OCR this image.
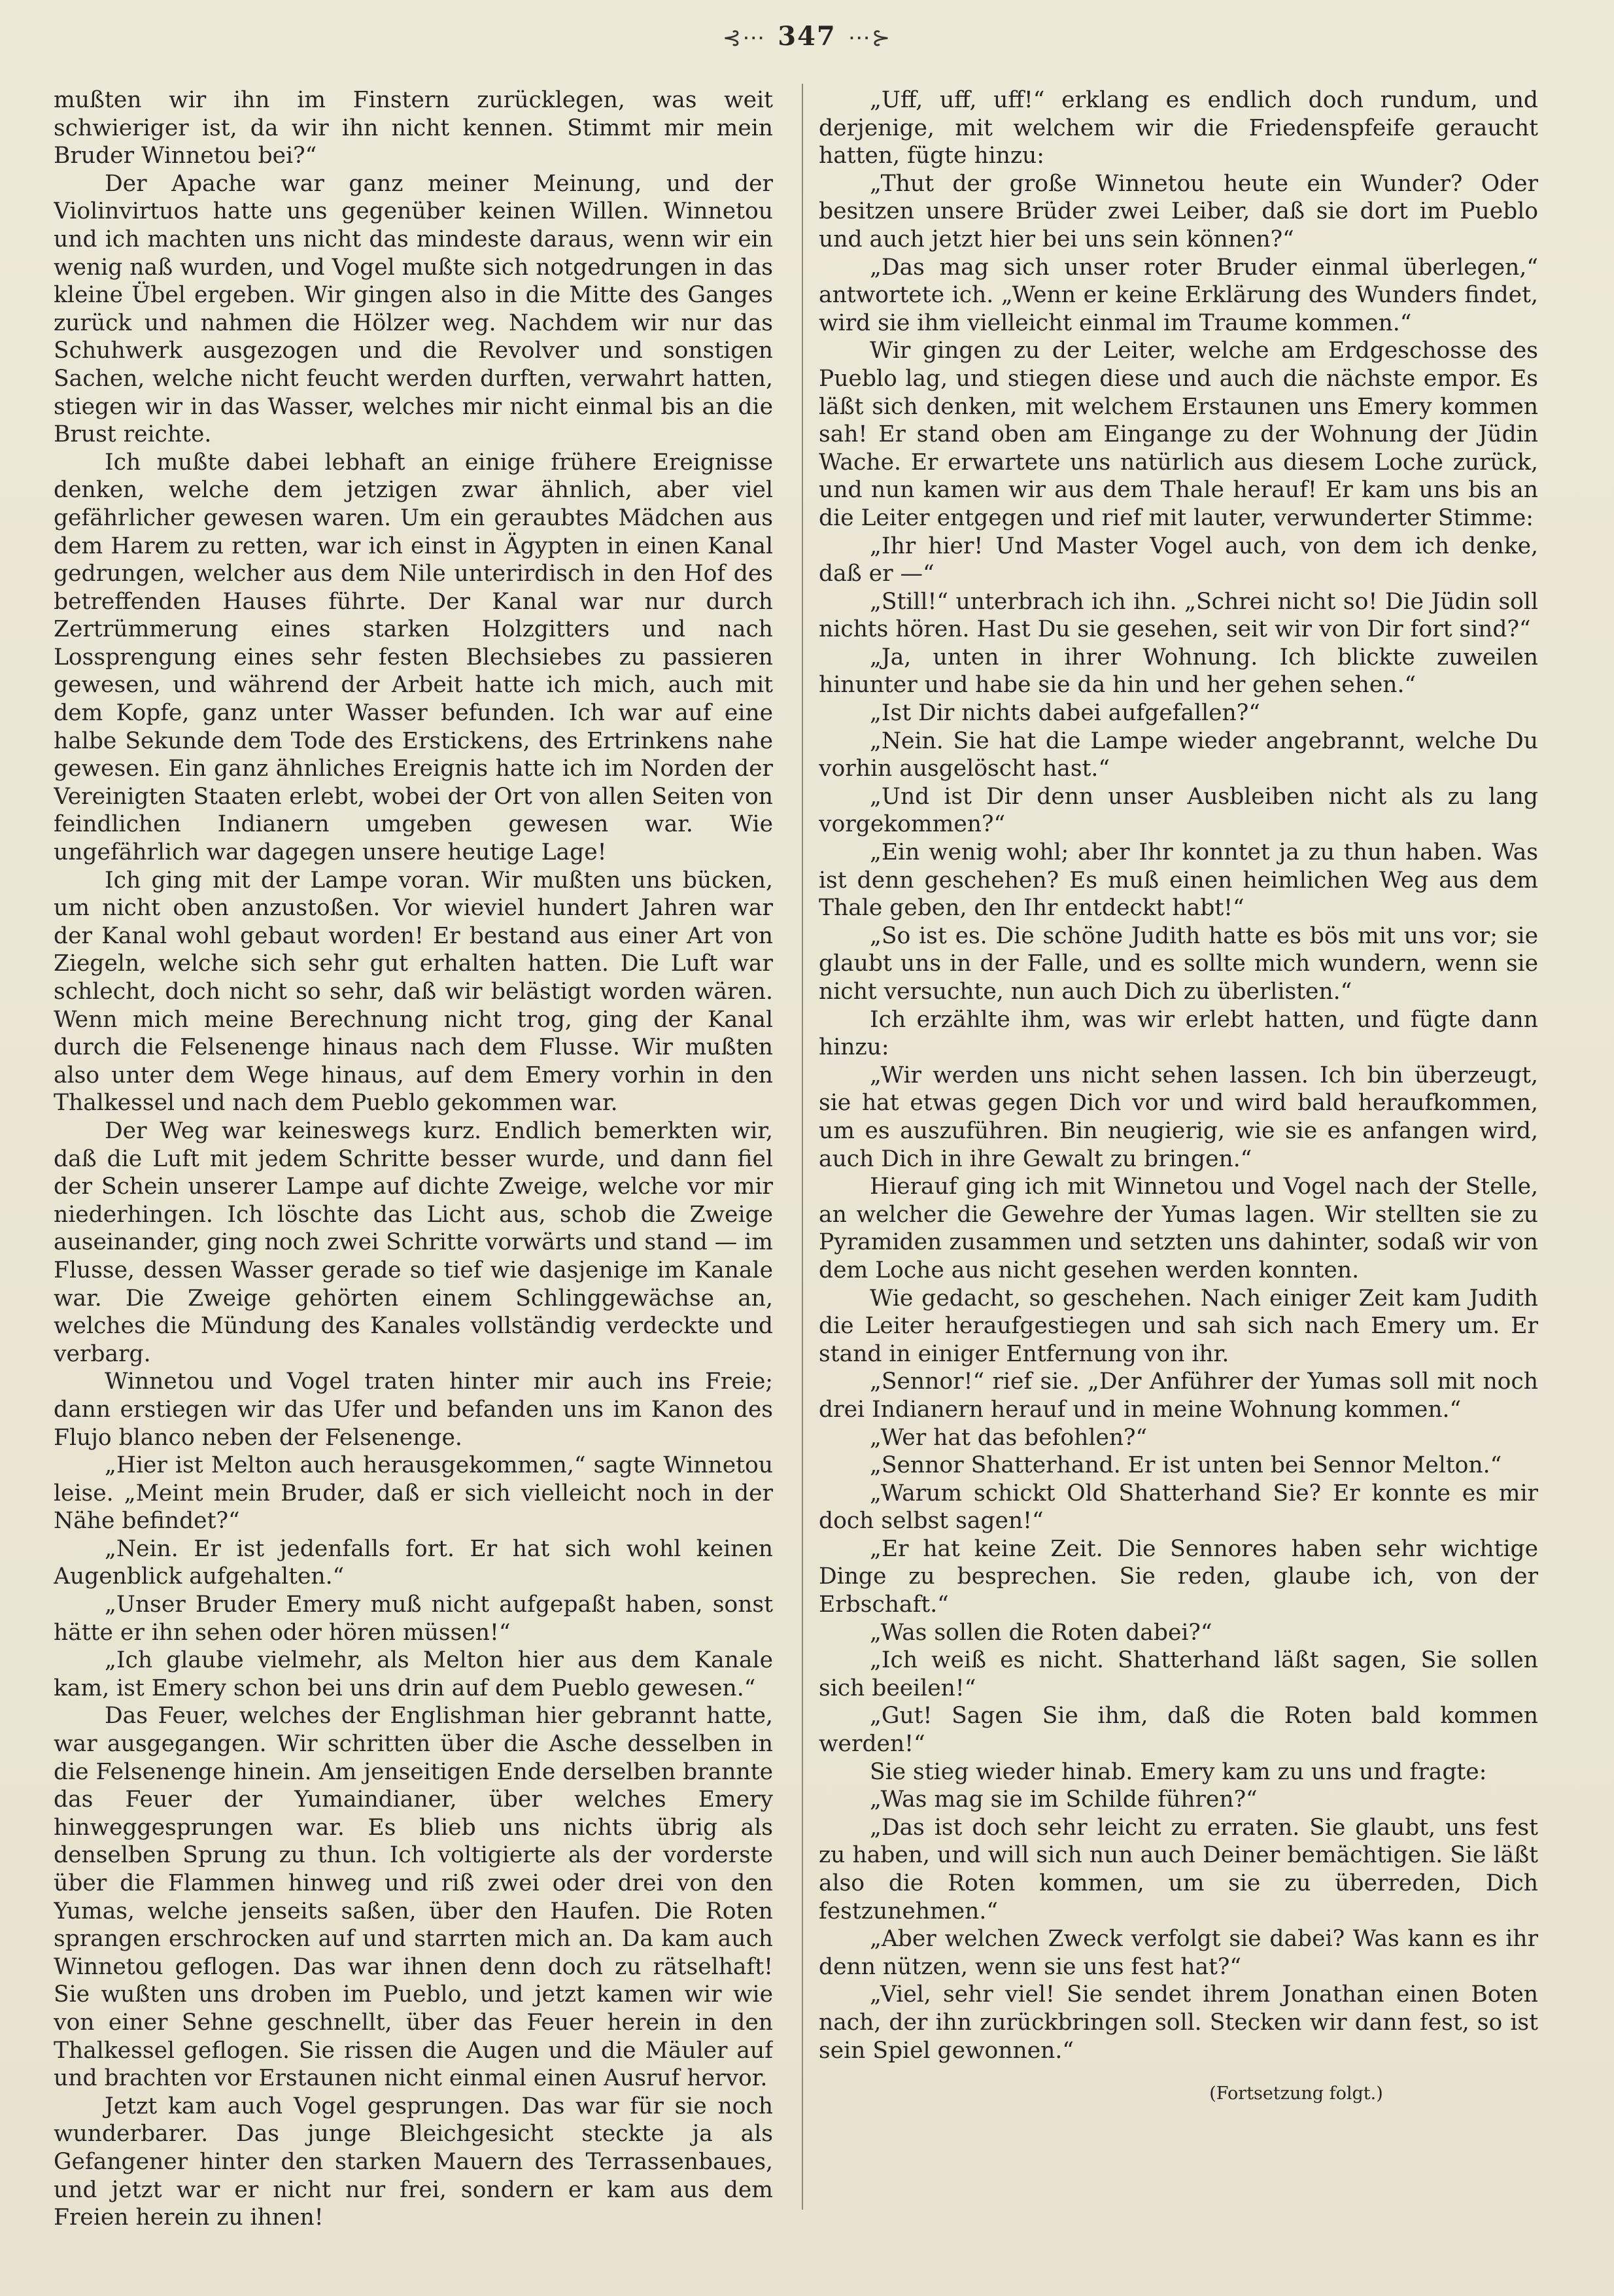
⊰⋯ 347 ⋯⊱

mußten wir ihn im Finstern zurücklegen, was weit schwieriger ist, da wir ihn nicht kennen. Stimmt mir mein Bruder Winnetou bei?“

Der Apache war ganz meiner Meinung, und der Violinvirtuos hatte uns gegenüber keinen Willen. Winnetou und ich machten uns nicht das mindeste daraus, wenn wir ein wenig naß wurden, und Vogel mußte sich notgedrungen in das kleine Übel ergeben. Wir gingen also in die Mitte des Ganges zurück und nahmen die Hölzer weg. Nachdem wir nur das Schuhwerk ausgezogen und die Revolver und sonstigen Sachen, welche nicht feucht werden durften, verwahrt hatten, stiegen wir in das Wasser, welches mir nicht einmal bis an die Brust reichte.

Ich mußte dabei lebhaft an einige frühere Ereignisse denken, welche dem jetzigen zwar ähnlich, aber viel gefährlicher gewesen waren. Um ein geraubtes Mädchen aus dem Harem zu retten, war ich einst in Ägypten in einen Kanal gedrungen, welcher aus dem Nile unterirdisch in den Hof des betreffenden Hauses führte. Der Kanal war nur durch Zertrümmerung eines starken Holzgitters und nach Lossprengung eines sehr festen Blechsiebes zu passieren gewesen, und während der Arbeit hatte ich mich, auch mit dem Kopfe, ganz unter Wasser befunden. Ich war auf eine halbe Sekunde dem Tode des Erstickens, des Ertrinkens nahe gewesen. Ein ganz ähnliches Ereignis hatte ich im Norden der Vereinigten Staaten erlebt, wobei der Ort von allen Seiten von feindlichen Indianern umgeben gewesen war. Wie ungefährlich war dagegen unsere heutige Lage!

Ich ging mit der Lampe voran. Wir mußten uns bücken, um nicht oben anzustoßen. Vor wieviel hundert Jahren war der Kanal wohl gebaut worden! Er bestand aus einer Art von Ziegeln, welche sich sehr gut erhalten hatten. Die Luft war schlecht, doch nicht so sehr, daß wir belästigt worden wären. Wenn mich meine Berechnung nicht trog, ging der Kanal durch die Felsenenge hinaus nach dem Flusse. Wir mußten also unter dem Wege hinaus, auf dem Emery vorhin in den Thalkessel und nach dem Pueblo gekommen war.

Der Weg war keineswegs kurz. Endlich bemerkten wir, daß die Luft mit jedem Schritte besser wurde, und dann fiel der Schein unserer Lampe auf dichte Zweige, welche vor mir niederhingen. Ich löschte das Licht aus, schob die Zweige auseinander, ging noch zwei Schritte vorwärts und stand — im Flusse, dessen Wasser gerade so tief wie dasjenige im Kanale war. Die Zweige gehörten einem Schlinggewächse an, welches die Mündung des Kanales vollständig verdeckte und verbarg.

Winnetou und Vogel traten hinter mir auch ins Freie; dann erstiegen wir das Ufer und befanden uns im Kanon des Flujo blanco neben der Felsenenge.

„Hier ist Melton auch herausgekommen,“ sagte Winnetou leise. „Meint mein Bruder, daß er sich vielleicht noch in der Nähe befindet?“

„Nein. Er ist jedenfalls fort. Er hat sich wohl keinen Augenblick aufgehalten.“

„Unser Bruder Emery muß nicht aufgepaßt haben, sonst hätte er ihn sehen oder hören müssen!“

„Ich glaube vielmehr, als Melton hier aus dem Kanale kam, ist Emery schon bei uns drin auf dem Pueblo gewesen.“

Das Feuer, welches der Englishman hier gebrannt hatte, war ausgegangen. Wir schritten über die Asche desselben in die Felsenenge hinein. Am jenseitigen Ende derselben brannte das Feuer der Yumaindianer, über welches Emery hinweggesprungen war. Es blieb uns nichts übrig als denselben Sprung zu thun. Ich voltigierte als der vorderste über die Flammen hinweg und riß zwei oder drei von den Yumas, welche jenseits saßen, über den Haufen. Die Roten sprangen erschrocken auf und starrten mich an. Da kam auch Winnetou geflogen. Das war ihnen denn doch zu rätselhaft! Sie wußten uns droben im Pueblo, und jetzt kamen wir wie von einer Sehne geschnellt, über das Feuer herein in den Thalkessel geflogen. Sie rissen die Augen und die Mäuler auf und brachten vor Erstaunen nicht einmal einen Ausruf hervor.

Jetzt kam auch Vogel gesprungen. Das war für sie noch wunderbarer. Das junge Bleichgesicht steckte ja als Gefangener hinter den starken Mauern des Terrassenbaues, und jetzt war er nicht nur frei, sondern er kam aus dem Freien herein zu ihnen!

„Uff, uff, uff!“ erklang es endlich doch rundum, und derjenige, mit welchem wir die Friedenspfeife geraucht hatten, fügte hinzu:

„Thut der große Winnetou heute ein Wunder? Oder besitzen unsere Brüder zwei Leiber, daß sie dort im Pueblo und auch jetzt hier bei uns sein können?“

„Das mag sich unser roter Bruder einmal überlegen,“ antwortete ich. „Wenn er keine Erklärung des Wunders findet, wird sie ihm vielleicht einmal im Traume kommen.“

Wir gingen zu der Leiter, welche am Erdgeschosse des Pueblo lag, und stiegen diese und auch die nächste empor. Es läßt sich denken, mit welchem Erstaunen uns Emery kommen sah! Er stand oben am Eingange zu der Wohnung der Jüdin Wache. Er erwartete uns natürlich aus diesem Loche zurück, und nun kamen wir aus dem Thale herauf! Er kam uns bis an die Leiter entgegen und rief mit lauter, verwunderter Stimme:

„Ihr hier! Und Master Vogel auch, von dem ich denke, daß er —“

„Still!“ unterbrach ich ihn. „Schrei nicht so! Die Jüdin soll nichts hören. Hast Du sie gesehen, seit wir von Dir fort sind?“

„Ja, unten in ihrer Wohnung. Ich blickte zuweilen hinunter und habe sie da hin und her gehen sehen.“

„Ist Dir nichts dabei aufgefallen?“

„Nein. Sie hat die Lampe wieder angebrannt, welche Du vorhin ausgelöscht hast.“

„Und ist Dir denn unser Ausbleiben nicht als zu lang vorgekommen?“

„Ein wenig wohl; aber Ihr konntet ja zu thun haben. Was ist denn geschehen? Es muß einen heimlichen Weg aus dem Thale geben, den Ihr entdeckt habt!“

„So ist es. Die schöne Judith hatte es bös mit uns vor; sie glaubt uns in der Falle, und es sollte mich wundern, wenn sie nicht versuchte, nun auch Dich zu überlisten.“

Ich erzählte ihm, was wir erlebt hatten, und fügte dann hinzu:

„Wir werden uns nicht sehen lassen. Ich bin überzeugt, sie hat etwas gegen Dich vor und wird bald heraufkommen, um es auszuführen. Bin neugierig, wie sie es anfangen wird, auch Dich in ihre Gewalt zu bringen.“

Hierauf ging ich mit Winnetou und Vogel nach der Stelle, an welcher die Gewehre der Yumas lagen. Wir stellten sie zu Pyramiden zusammen und setzten uns dahinter, sodaß wir von dem Loche aus nicht gesehen werden konnten.

Wie gedacht, so geschehen. Nach einiger Zeit kam Judith die Leiter heraufgestiegen und sah sich nach Emery um. Er stand in einiger Entfernung von ihr.

„Sennor!“ rief sie. „Der Anführer der Yumas soll mit noch drei Indianern herauf und in meine Wohnung kommen.“

„Wer hat das befohlen?“

„Sennor Shatterhand. Er ist unten bei Sennor Melton.“

„Warum schickt Old Shatterhand Sie? Er konnte es mir doch selbst sagen!“

„Er hat keine Zeit. Die Sennores haben sehr wichtige Dinge zu besprechen. Sie reden, glaube ich, von der Erbschaft.“

„Was sollen die Roten dabei?“

„Ich weiß es nicht. Shatterhand läßt sagen, Sie sollen sich beeilen!“

„Gut! Sagen Sie ihm, daß die Roten bald kommen werden!“

Sie stieg wieder hinab. Emery kam zu uns und fragte:

„Was mag sie im Schilde führen?“

„Das ist doch sehr leicht zu erraten. Sie glaubt, uns fest zu haben, und will sich nun auch Deiner bemächtigen. Sie läßt also die Roten kommen, um sie zu überreden, Dich festzunehmen.“

„Aber welchen Zweck verfolgt sie dabei? Was kann es ihr denn nützen, wenn sie uns fest hat?“

„Viel, sehr viel! Sie sendet ihrem Jonathan einen Boten nach, der ihn zurückbringen soll. Stecken wir dann fest, so ist sein Spiel gewonnen.“

(Fortsetzung folgt.)
